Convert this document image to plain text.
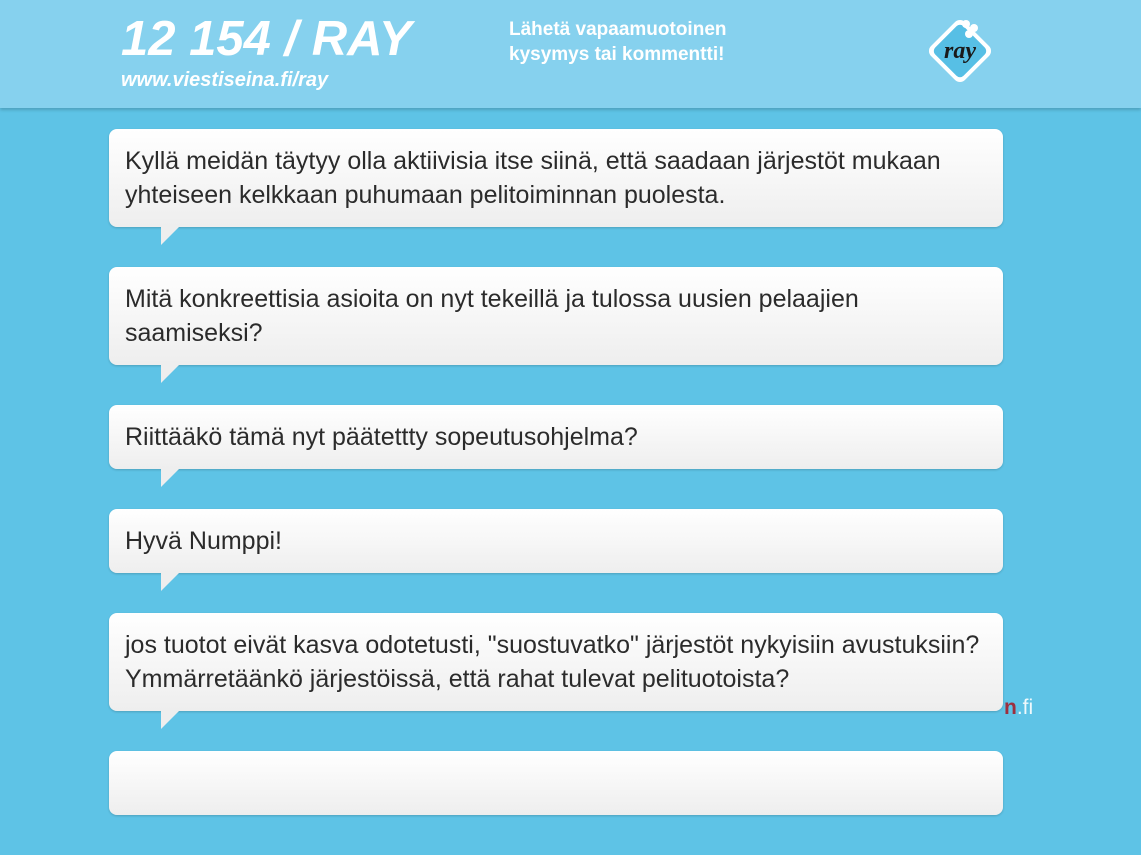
12 154 / RAY
www.viestiseina.fi/ray
Lähetä vapaamuotoinen
kysymys tai kommentti!	ray
n.fi
Kyllä meidän täytyy olla aktiivisia itse siinä, että saadaan järjestöt mukaan yhteiseen kelkkaan puhumaan pelitoiminnan puolesta.
Mitä konkreettisia asioita on nyt tekeillä ja tulossa uusien pelaajien saamiseksi?
Riittääkö tämä nyt päätettty sopeutusohjelma?
Hyvä Numppi!
jos tuotot eivät kasva odotetusti, "suostuvatko" järjestöt nykyisiin avustuksiin? Ymmärretäänkö järjestöissä, että rahat tulevat pelituotoista?
